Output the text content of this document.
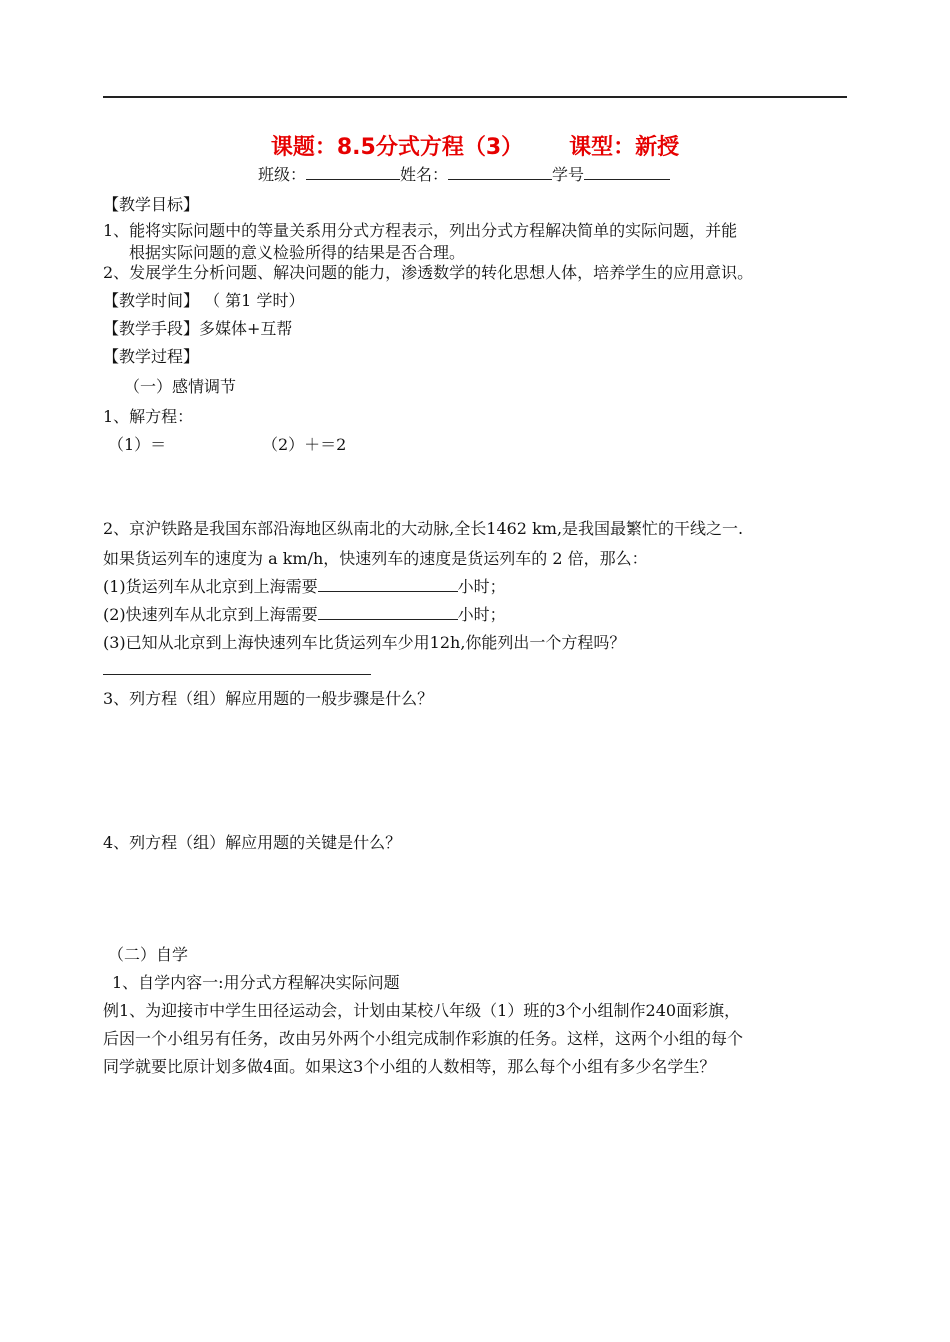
课题：8.5分式方程（3） 课型：新授
班级：	姓名：	学号
【教学目标】
1、能将实际问题中的等量关系用分式方程表示，列出分式方程解决简单的实际问题，并能
根据实际问题的意义检验所得的结果是否合理。
2、发展学生分析问题、解决问题的能力，渗透数学的转化思想人体，培养学生的应用意识。
【教学时间】 （ 第1 学时）
【教学手段】多媒体+互帮
【教学过程】
（一）感情调节
1、解方程：
（1）＝	（2）＋＝2
2、京沪铁路是我国东部沿海地区纵南北的大动脉,全长1462 km,是我国最繁忙的干线之一.
如果货运列车的速度为 a km/h，快速列车的速度是货运列车的 2 倍，那么：
(1)货运列车从北京到上海需要	小时；
(2)快速列车从北京到上海需要	小时；
(3)已知从北京到上海快速列车比货运列车少用12h,你能列出一个方程吗？
3、列方程（组）解应用题的一般步骤是什么？
4、列方程（组）解应用题的关键是什么？
（二）自学
1、自学内容一:用分式方程解决实际问题
例1、为迎接市中学生田径运动会，计划由某校八年级（1）班的3个小组制作240面彩旗，
后因一个小组另有任务，改由另外两个小组完成制作彩旗的任务。这样，这两个小组的每个
同学就要比原计划多做4面。如果这3个小组的人数相等，那么每个小组有多少名学生？
